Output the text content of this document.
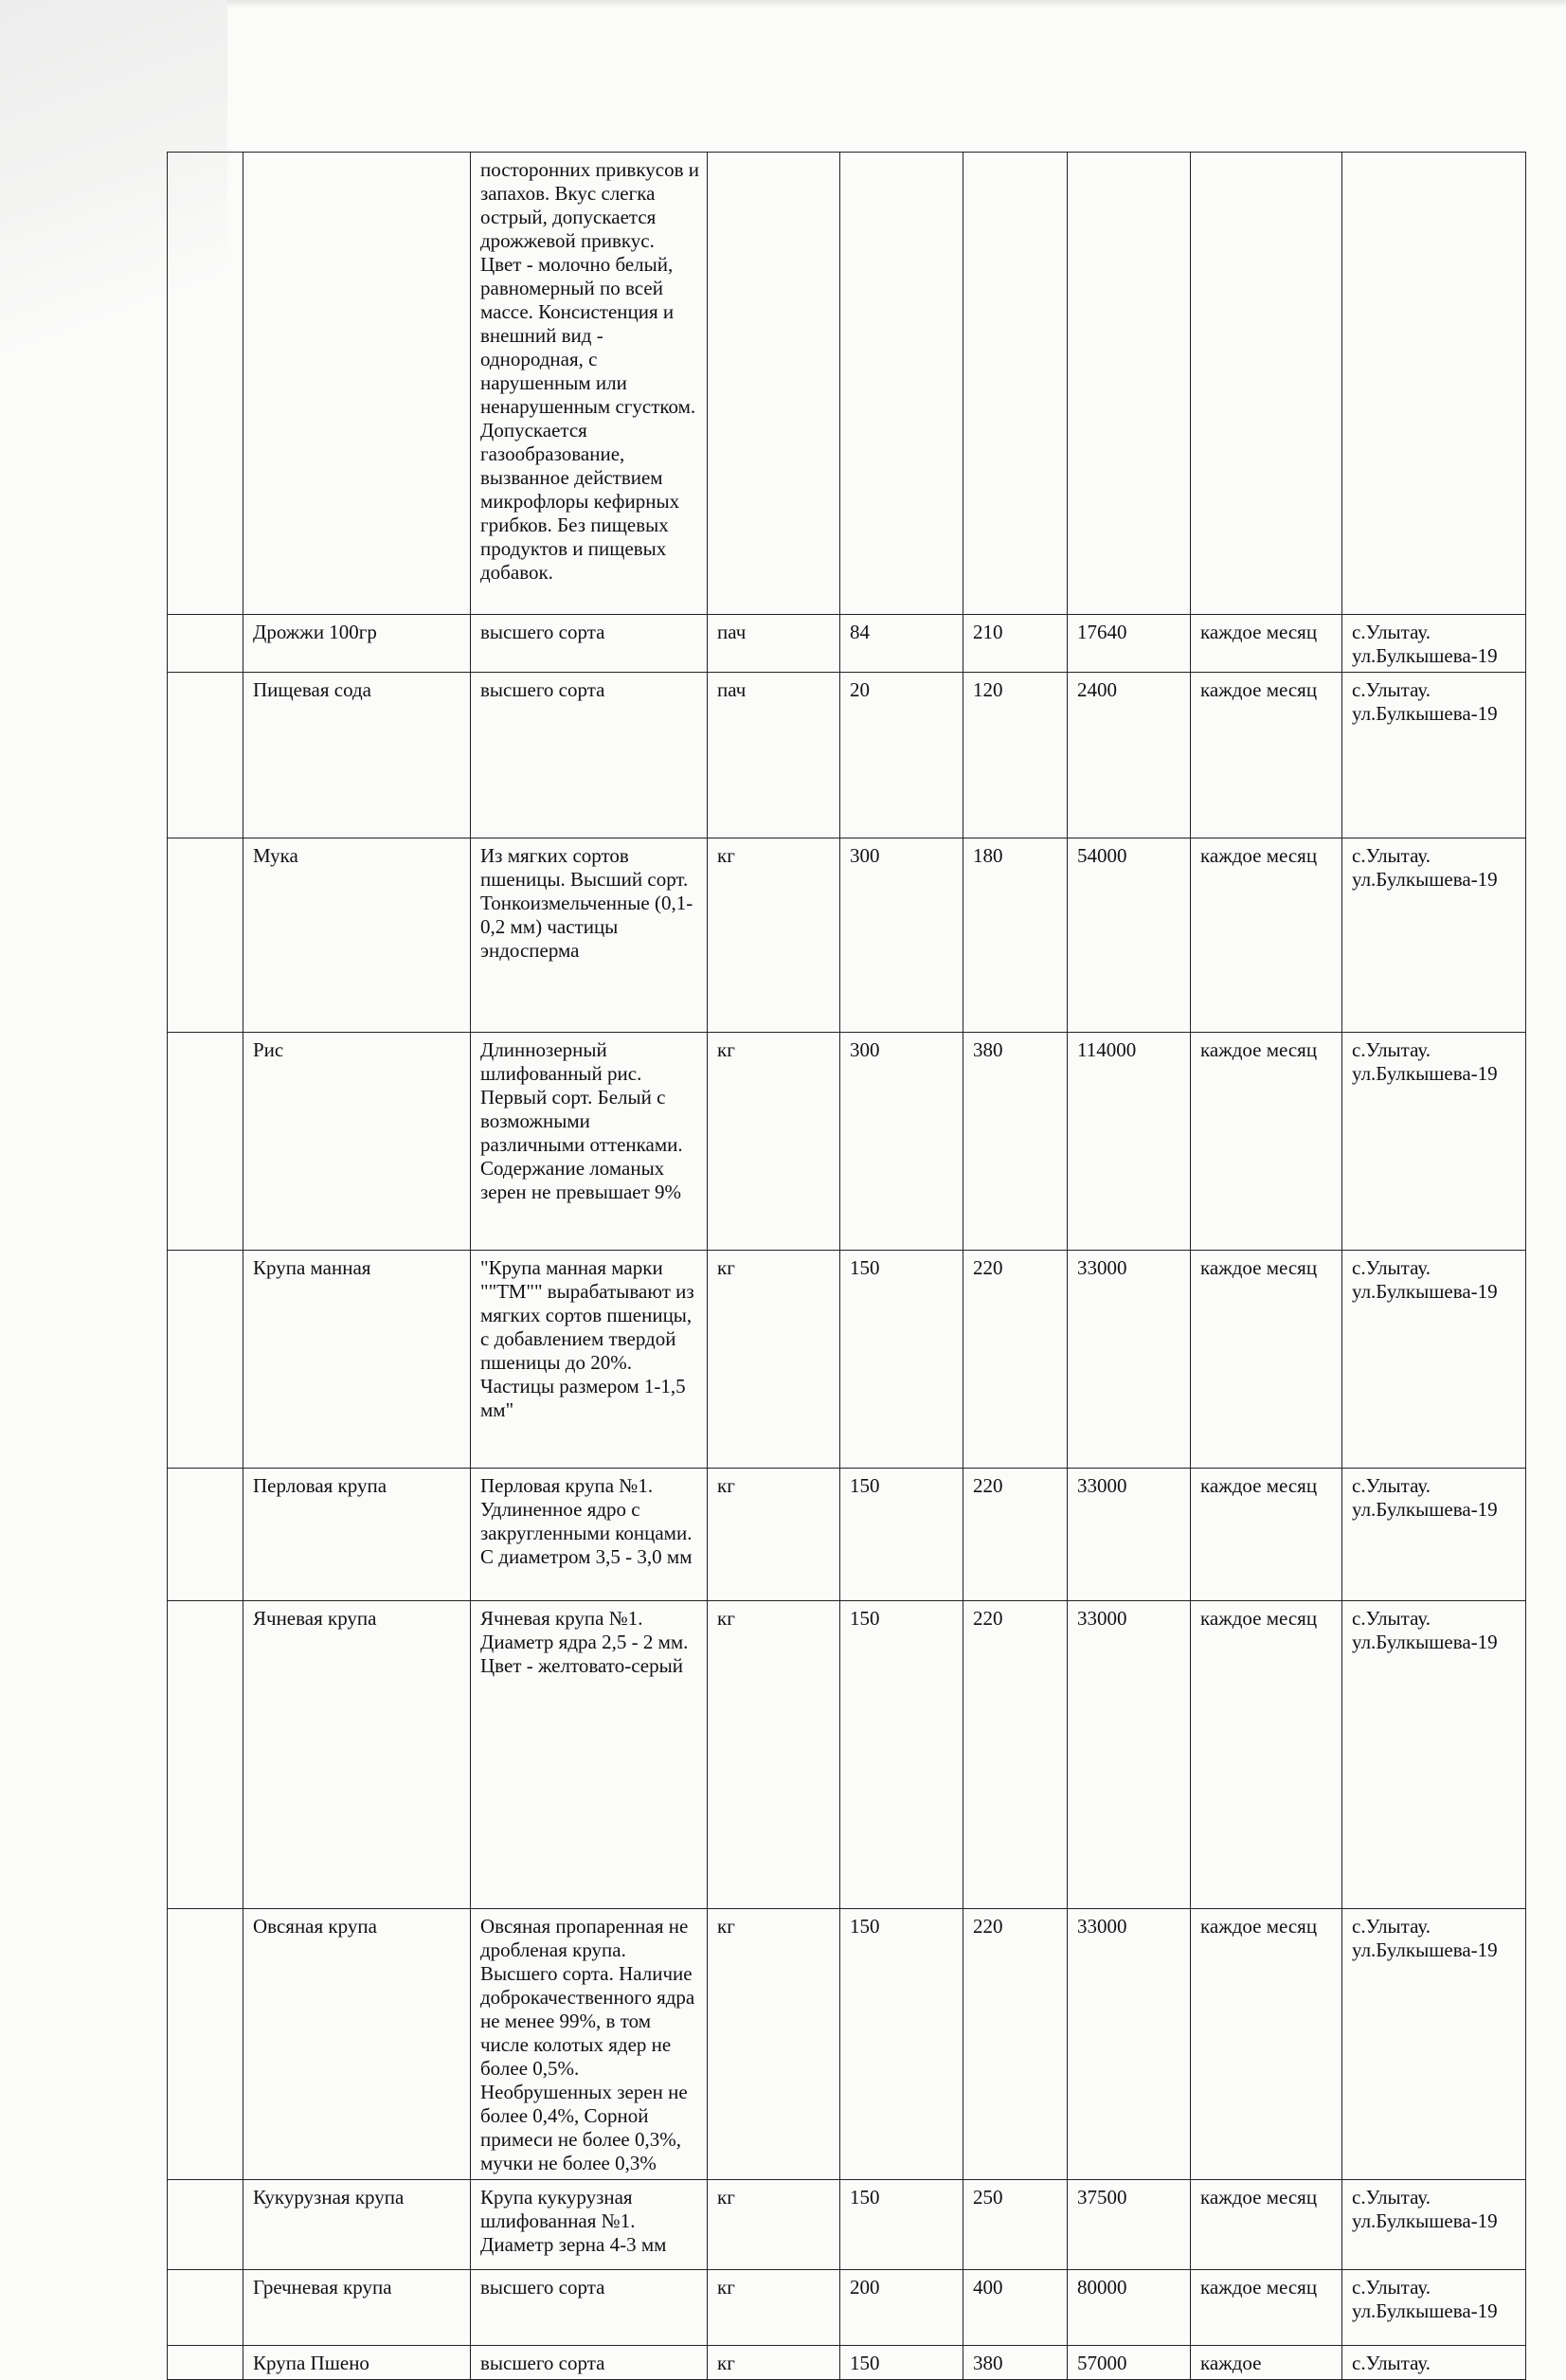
		посторонних привкусов и запахов. Вкус слегка острый, допускается дрожжевой привкус. Цвет - молочно белый, равномерный по всей массе. Консистенция и внешний вид - однородная, с нарушенным или ненарушенным сгустком. Допускается газообразование, вызванное действием микрофлоры кефирных грибков. Без пищевых продуктов и пищевых добавок.						
	Дрожжи 100гр	высшего сорта	пач	84	210	17640	каждое месяц	с.Улытау. ул.Булкышева-19
	Пищевая сода	высшего сорта	пач	20	120	2400	каждое месяц	с.Улытау. ул.Булкышева-19
	Мука	Из мягких сортов пшеницы. Высший сорт. Тонкоизмельченные (0,1-0,2 мм) частицы эндосперма	кг	300	180	54000	каждое месяц	с.Улытау. ул.Булкышева-19
	Рис	Длиннозерный шлифованный рис. Первый сорт. Белый с возможными различными оттенками. Содержание ломаных зерен не превышает 9%	кг	300	380	114000	каждое месяц	с.Улытау. ул.Булкышева-19
	Крупа манная	"Крупа манная марки ""ТМ"" вырабатывают из мягких сортов пшеницы, с добавлением твердой пшеницы до 20%. Частицы размером 1-1,5 мм"	кг	150	220	33000	каждое месяц	с.Улытау. ул.Булкышева-19
	Перловая крупа	Перловая крупа №1. Удлиненное ядро с закругленными концами. С диаметром 3,5 - 3,0 мм	кг	150	220	33000	каждое месяц	с.Улытау. ул.Булкышева-19
	Ячневая крупа	Ячневая крупа №1. Диаметр ядра 2,5 - 2 мм. Цвет - желтовато-серый	кг	150	220	33000	каждое месяц	с.Улытау. ул.Булкышева-19
	Овсяная крупа	Овсяная пропаренная не дробленая крупа. Высшего сорта. Наличие доброкачественного ядра не менее 99%, в том числе колотых ядер не более 0,5%. Необрушенных зерен не более 0,4%, Сорной примеси не более 0,3%, мучки не более 0,3%	кг	150	220	33000	каждое месяц	с.Улытау. ул.Булкышева-19
	Кукурузная крупа	Крупа кукурузная шлифованная №1. Диаметр зерна 4-3 мм	кг	150	250	37500	каждое месяц	с.Улытау. ул.Булкышева-19
	Гречневая крупа	высшего сорта	кг	200	400	80000	каждое месяц	с.Улытау. ул.Булкышева-19
	Крупа Пшено	высшего сорта	кг	150	380	57000	каждое	с.Улытау.
